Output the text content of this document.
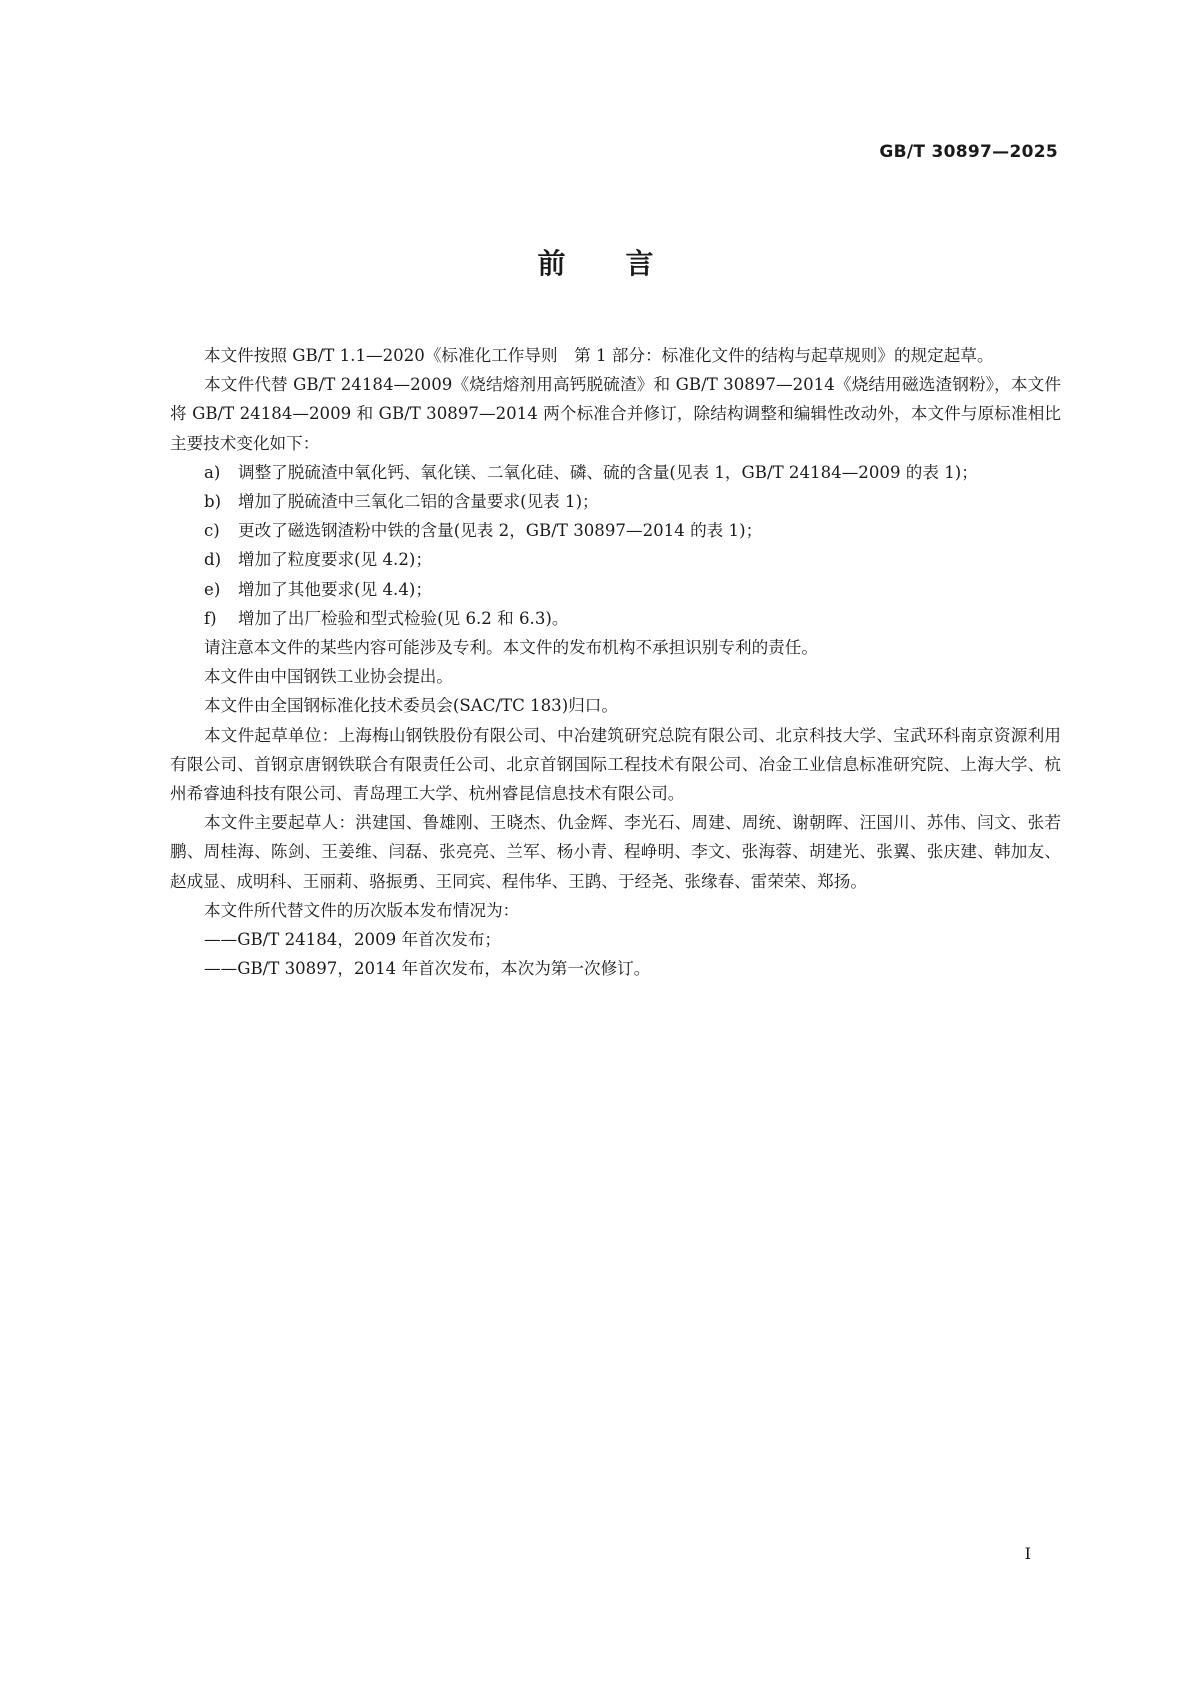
GB/T 30897—2025
前言

本文件按照 GB/T 1.1—2020《标准化工作导则　第 1 部分：标准化文件的结构与起草规则》的规定起草。

本文件代替 GB/T 24184—2009《烧结熔剂用高钙脱硫渣》和 GB/T 30897—2014《烧结用磁选渣钢粉》，本文件将 GB/T 24184—2009 和 GB/T 30897—2014 两个标准合并修订，除结构调整和编辑性改动外，本文件与原标准相比主要技术变化如下：

a) 调整了脱硫渣中氧化钙、氧化镁、二氧化硅、磷、硫的含量(见表 1，GB/T 24184—2009 的表 1)；
b) 增加了脱硫渣中三氧化二铝的含量要求(见表 1)；
c) 更改了磁选钢渣粉中铁的含量(见表 2，GB/T 30897—2014 的表 1)；
d) 增加了粒度要求(见 4.2)；
e) 增加了其他要求(见 4.4)；
f) 增加了出厂检验和型式检验(见 6.2 和 6.3)。

请注意本文件的某些内容可能涉及专利。本文件的发布机构不承担识别专利的责任。

本文件由中国钢铁工业协会提出。

本文件由全国钢标准化技术委员会(SAC/TC 183)归口。

本文件起草单位：上海梅山钢铁股份有限公司、中冶建筑研究总院有限公司、北京科技大学、宝武环科南京资源利用有限公司、首钢京唐钢铁联合有限责任公司、北京首钢国际工程技术有限公司、冶金工业信息标准研究院、上海大学、杭州希睿迪科技有限公司、青岛理工大学、杭州睿昆信息技术有限公司。

本文件主要起草人：洪建国、鲁雄刚、王晓杰、仇金辉、李光石、周建、周统、谢朝晖、汪国川、苏伟、闫文、张若鹏、周桂海、陈剑、王姜维、闫磊、张亮亮、兰军、杨小青、程峥明、李文、张海蓉、胡建光、张翼、张庆建、韩加友、赵成显、成明科、王丽莉、骆振勇、王同宾、程伟华、王鹍、于经尧、张缘春、雷荣荣、郑扬。

本文件所代替文件的历次版本发布情况为：

——GB/T 24184，2009 年首次发布；
——GB/T 30897，2014 年首次发布，本次为第一次修订。
I
